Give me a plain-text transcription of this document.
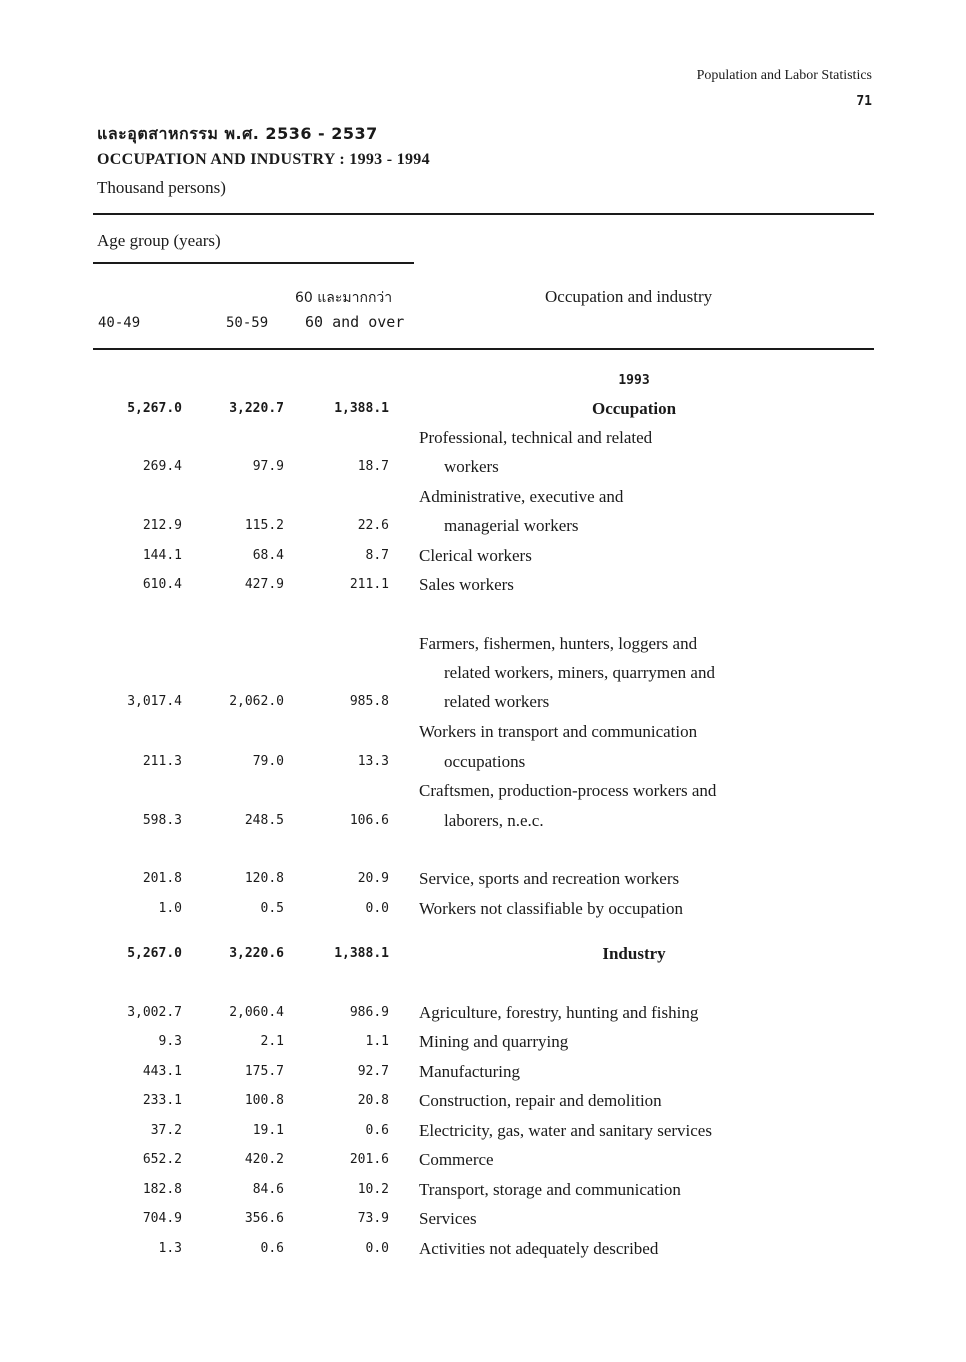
Population and Labor Statistics
71
และอุตสาหกรรม พ.ศ. 2536 - 2537
OCCUPATION AND INDUSTRY : 1993 - 1994
Thousand persons)
Age group (years)
60 และมากกว่า
40-49	50-59 60 and over
Occupation and industry
1993
5,267.0	3,220.7	1,388.1	Occupation
Professional, technical and related
269.4	97.9	18.7	workers
Administrative, executive and
212.9	115.2	22.6	managerial workers
144.1	68.4	8.7 Clerical workers
610.4	427.9	211.1 Sales workers
Farmers, fishermen, hunters, loggers and
related workers, miners, quarrymen and
3,017.4	2,062.0	985.8	related workers
Workers in transport and communication
211.3	79.0	13.3	occupations
Craftsmen, production-process workers and
598.3	248.5	106.6	laborers, n.e.c.
201.8	120.8	20.9 Service, sports and recreation workers
1.0	0.5	0.0 Workers not classifiable by occupation
5,267.0	3,220.6	1,388.1	Industry
3,002.7	2,060.4	986.9 Agriculture, forestry, hunting and fishing
9.3	2.1	1.1 Mining and quarrying
443.1	175.7	92.7 Manufacturing
233.1	100.8	20.8 Construction, repair and demolition
37.2	19.1	0.6 Electricity, gas, water and sanitary services
652.2	420.2	201.6 Commerce
182.8	84.6	10.2 Transport, storage and communication
704.9	356.6	73.9 Services
1.3	0.6	0.0 Activities not adequately described
